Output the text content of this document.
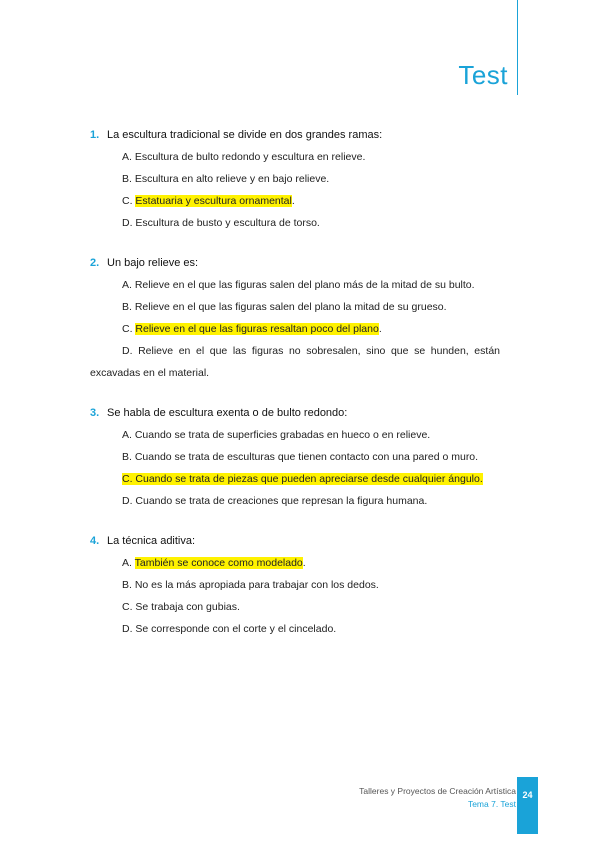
Test
1. La escultura tradicional se divide en dos grandes ramas:
A. Escultura de bulto redondo y escultura en relieve.
B. Escultura en alto relieve y en bajo relieve.
C. Estatuaria y escultura ornamental.
D. Escultura de busto y escultura de torso.
2. Un bajo relieve es:
A. Relieve en el que las figuras salen del plano más de la mitad de su bulto.
B. Relieve en el que las figuras salen del plano la mitad de su grueso.
C. Relieve en el que las figuras resaltan poco del plano.
D. Relieve en el que las figuras no sobresalen, sino que se hunden, están
excavadas en el material.
3. Se habla de escultura exenta o de bulto redondo:
A. Cuando se trata de superficies grabadas en hueco o en relieve.
B. Cuando se trata de esculturas que tienen contacto con una pared o muro.
C. Cuando se trata de piezas que pueden apreciarse desde cualquier ángulo.
D. Cuando se trata de creaciones que represan la figura humana.
4. La técnica aditiva:
A. También se conoce como modelado.
B. No es la más apropiada para trabajar con los dedos.
C. Se trabaja con gubias.
D. Se corresponde con el corte y el cincelado.
Talleres y Proyectos de Creación Artística
Tema 7. Test
24
